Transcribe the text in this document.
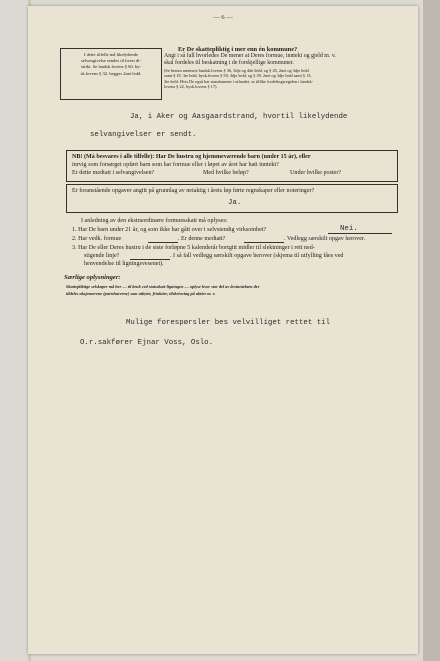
— 6 —
I dette tilfelle må likelydende
selvangivelse sendes til hvert di-
strikt. Se landsk.lovens § 60, by-
sk.lovens § 32, begges 2net ledd.
Er De skattepliktig i mer enn én kommune?
Angi i så fall hvorledes De mener at Deres formue, inntekt og gjeld m. v.
skal fordeles til beskatning i de forskjellige kommuner.
(Se herom nærmere landsk.lovens § 36, 3dje og 4de ledd, og § 45, 2net og 3dje ledd
samt § 18, 3te ledd, bysk.lovens § 50, 3dje ledd, og § 39, 2net og 3dje ledd samt § 13,
3te ledd. Hvis De også har standommer i utlandet, se tillike fordelingsregelen i landsk-
lovens § 22, bysk.lovens § 17).
Ja, i Aker og Aasgaardstrand, hvortil likelydende
selvangivelser er sendt.
NB! (Må besvares i alle tilfelle): Har De hustru og hjemmeværende barn (under 15 år), eller
inrvig som forsørget opført barn som har formue eller i løpet av året har hatt inntekt?
Er dette medtatt i selvangivelsen?	Med hvilke beløp?	Under hvilke poster?
Er foranstående opgaver angitt på grunnlag av neiaktig i årets løp førte regnskaper eller noteringer?
Ja.
I anledning av den ekstraordinære formuesskatt må oplyses:
1. Har De barn under 21 år, og som ikke har gått over i selvstendig virksomhet?	Nei.
2. Har vedk. formue	. Er denne medtatt?	. Vedlegg særskilt opgav herover.
3. Har De eller Deres hustru i de siste forløpne 5 kalenderår bortgitt midler til slektninger i rett ned-
stigende linje?	. I så fall vedlegg særskilt opgave herover (skjema til utfylling fåes ved
henvendelse til ligningsvesenet).
Særlige oplysninger:
Skattepliktige selskaper må her — til bruk ved statsskatt-ligningen — oplyse hvor stor del av årsinntekten der
tildeles aksjonærene (partshaverne) som utbytte, friaktier, tilskrivning på aktier m. v.
Mulige forespørsler bes velvilliget rettet til
O.r.sakfører Ejnar Voss, Oslo.
